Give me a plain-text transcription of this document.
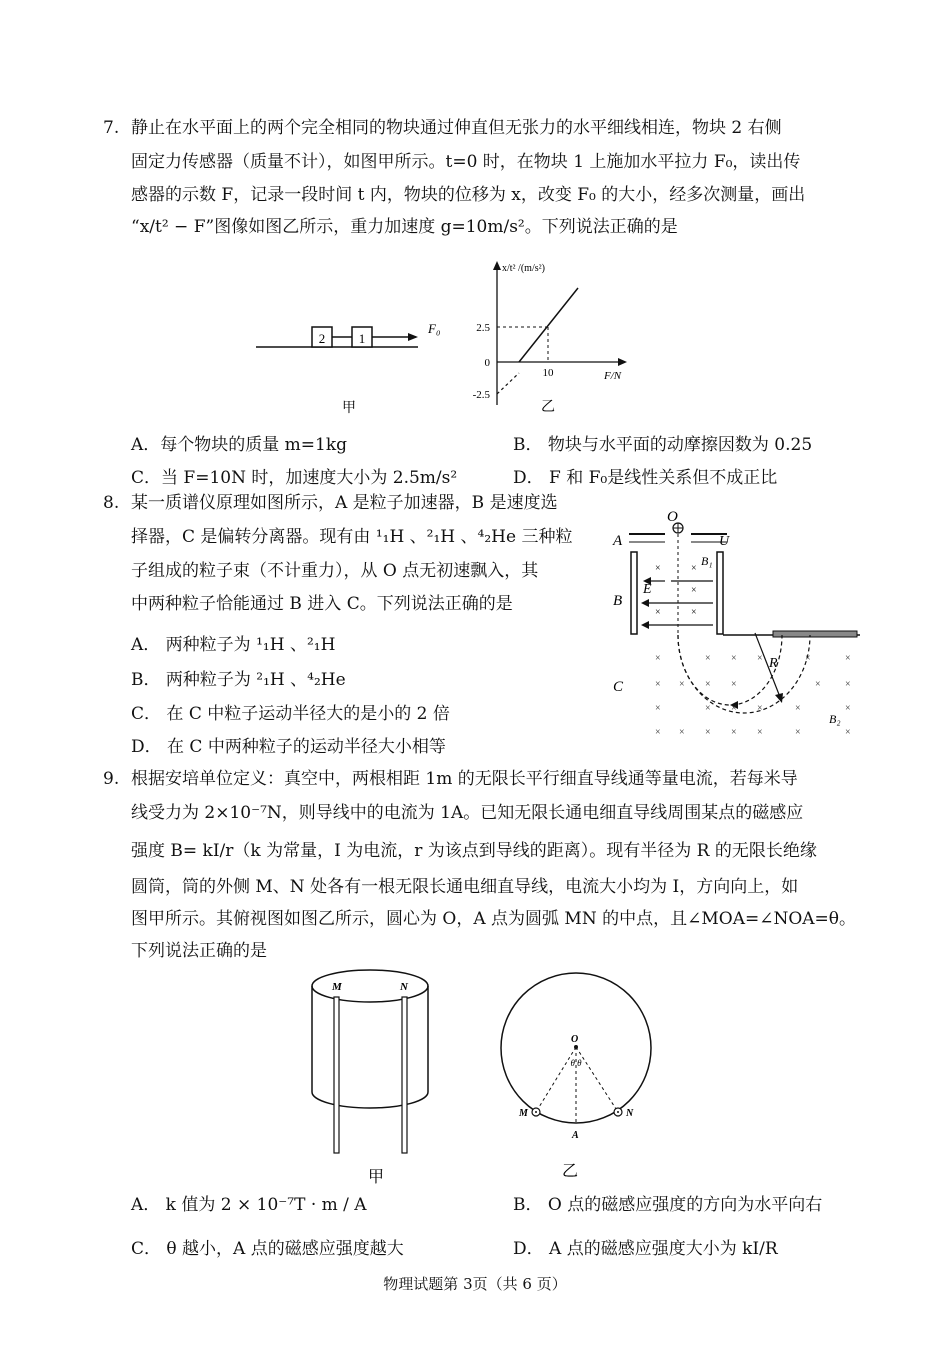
7. 静止在水平面上的两个完全相同的物块通过伸直但无张力的水平细线相连，物块 2 右侧
固定力传感器（质量不计），如图甲所示。t=0 时，在物块 1 上施加水平拉力 F₀，读出传
感器的示数 F，记录一段时间 t 内，物块的位移为 x，改变 F₀ 的大小，经多次测量，画出
“x/t² − F”图像如图乙所示，重力加速度 g=10m/s²。下列说法正确的是
2	1
F₀
甲
x/t² /(m/s²)
F/N
2.5
0
-2.5
10
乙
A．每个物块的质量 m=1kg	B． 物块与水平面的动摩擦因数为 0.25
C．当 F=10N 时，加速度大小为 2.5m/s²	D． F 和 F₀是线性关系但不成正比
8. 某一质谱仪原理如图所示，A 是粒子加速器，B 是速度选
择器，C 是偏转分离器。现有由 ¹₁H 、²₁H 、⁴₂He 三种粒
子组成的粒子束（不计重力），从 O 点无初速飘入，其
中两种粒子恰能通过 B 进入 C。下列说法正确的是
A． 两种粒子为 ¹₁H 、²₁H
B． 两种粒子为 ²₁H 、⁴₂He
C． 在 C 中粒子运动半径大的是小的 2 倍
D． 在 C 中两种粒子的运动半径大小相等
O
A	U
B
B₁
E
×	×
×
×	×
R
C
B₂
×	× × ×	×	×
× × × ×	× ×
×	× × ×	×	×
× × × × ×	×	×
9. 根据安培单位定义：真空中，两根相距 1m 的无限长平行细直导线通等量电流，若每米导
线受力为 2×10⁻⁷N，则导线中的电流为 1A。已知无限长通电细直导线周围某点的磁感应
强度 B= kI/r（k 为常量，I 为电流，r 为该点到导线的距离）。现有半径为 R 的无限长绝缘
圆筒，筒的外侧 M、N 处各有一根无限长通电细直导线，电流大小均为 I，方向向上，如
图甲所示。其俯视图如图乙所示，圆心为 O，A 点为圆弧 MN 的中点，且∠MOA=∠NOA=θ。
下列说法正确的是
M	N
甲
O
θ θ
M	N
A
乙
A． k 值为 2 × 10⁻⁷T · m / A	B． O 点的磁感应强度的方向为水平向右
C． θ 越小，A 点的磁感应强度越大	D． A 点的磁感应强度大小为 kI/R
物理试题第 3页（共 6 页）
